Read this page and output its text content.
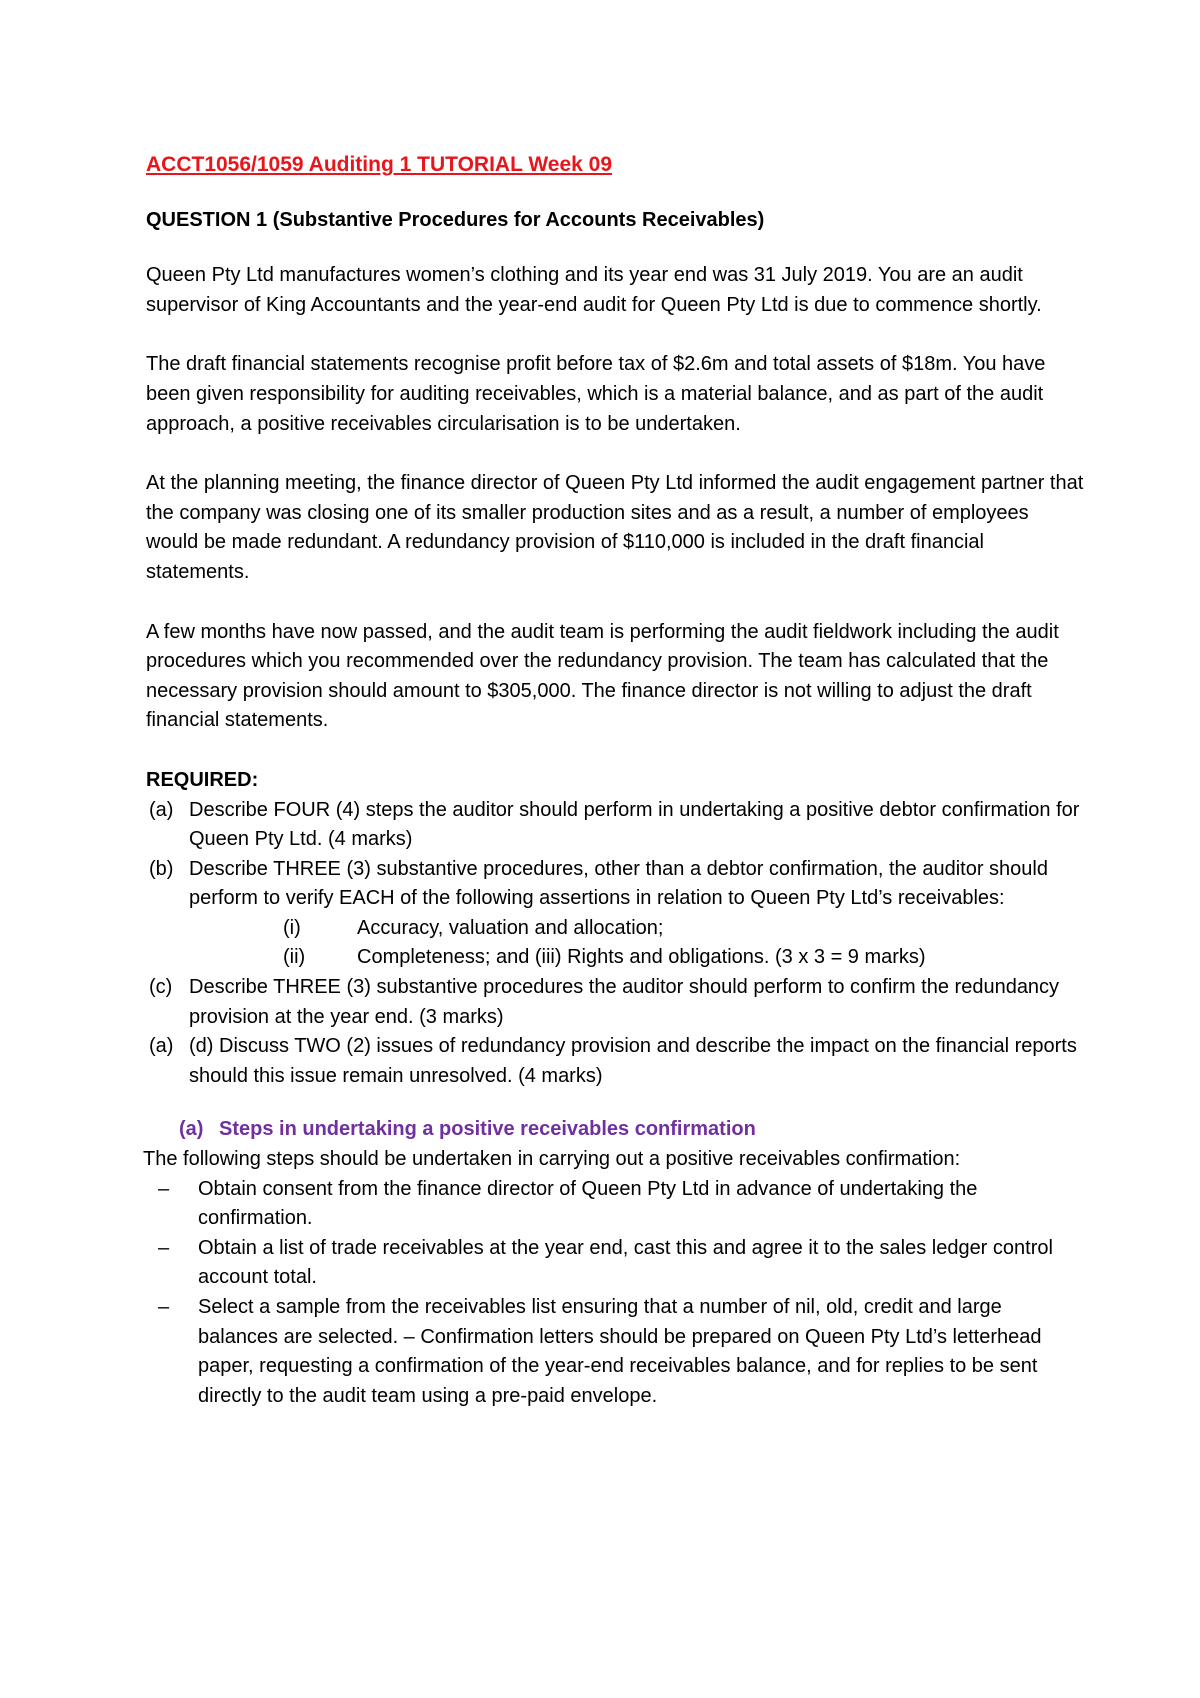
ACCT1056/1059 Auditing 1 TUTORIAL Week 09

QUESTION 1 (Substantive Procedures for Accounts Receivables)

Queen Pty Ltd manufactures women’s clothing and its year end was 31 July 2019. You are an audit supervisor of King Accountants and the year-end audit for Queen Pty Ltd is due to commence shortly.

The draft financial statements recognise profit before tax of $2.6m and total assets of $18m. You have been given responsibility for auditing receivables, which is a material balance, and as part of the audit approach, a positive receivables circularisation is to be undertaken.

At the planning meeting, the finance director of Queen Pty Ltd informed the audit engagement partner that the company was closing one of its smaller production sites and as a result, a number of employees would be made redundant. A redundancy provision of $110,000 is included in the draft financial statements.

A few months have now passed, and the audit team is performing the audit fieldwork including the audit procedures which you recommended over the redundancy provision. The team has calculated that the necessary provision should amount to $305,000. The finance director is not willing to adjust the draft financial statements.

REQUIRED:

(a) Describe FOUR (4) steps the auditor should perform in undertaking a positive debtor confirmation for Queen Pty Ltd. (4 marks)
(b) Describe THREE (3) substantive procedures, other than a debtor confirmation, the auditor should perform to verify EACH of the following assertions in relation to Queen Pty Ltd’s receivables:
(i)	Accuracy, valuation and allocation;
(ii)	Completeness; and (iii) Rights and obligations. (3 x 3 = 9 marks)
(c) Describe THREE (3) substantive procedures the auditor should perform to confirm the redundancy provision at the year end. (3 marks)
(a) (d) Discuss TWO (2) issues of redundancy provision and describe the impact on the financial reports should this issue remain unresolved. (4 marks)
(a) Steps in undertaking a positive receivables confirmation

The following steps should be undertaken in carrying out a positive receivables confirmation:

–	Obtain consent from the finance director of Queen Pty Ltd in advance of undertaking the confirmation.
–	Obtain a list of trade receivables at the year end, cast this and agree it to the sales ledger control account total.
–	Select a sample from the receivables list ensuring that a number of nil, old, credit and large balances are selected. – Confirmation letters should be prepared on Queen Pty Ltd’s letterhead paper, requesting a confirmation of the year-end receivables balance, and for replies to be sent directly to the audit team using a pre-paid envelope.
